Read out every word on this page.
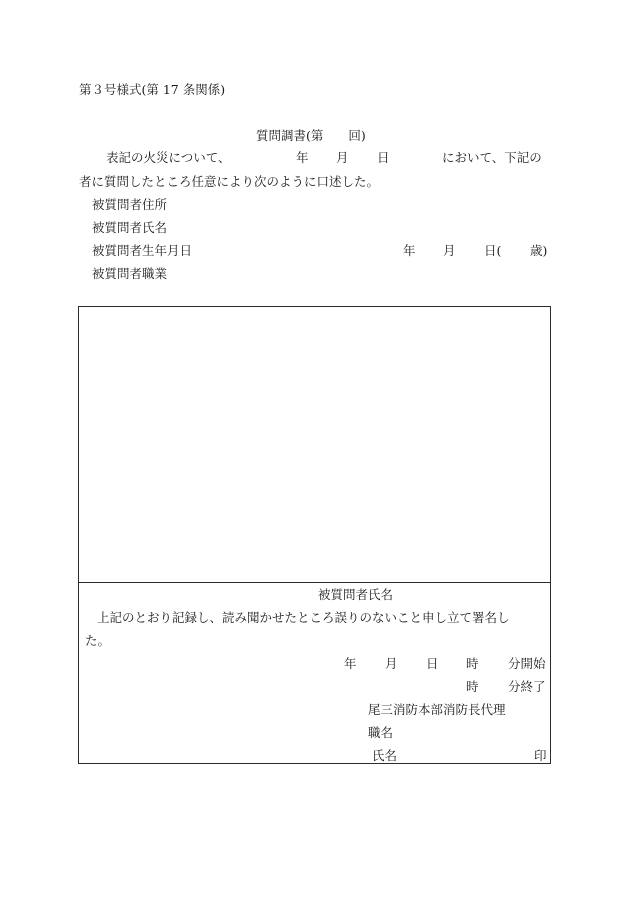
第３号様式(第 17 条関係)
質問調書(第　　回)
表記の火災について、	年 月 日	において、下記の
者に質問したところ任意により次のように口述した。
被質問者住所
被質問者氏名
被質問者生年月日	年 月 日( 歳)
被質問者職業
被質問者氏名
上記のとおり記録し、読み聞かせたところ誤りのないこと申し立て署名し
た。
年 月 日 時 分開始
時 分終了
尾三消防本部消防長代理
職名
氏名	印
